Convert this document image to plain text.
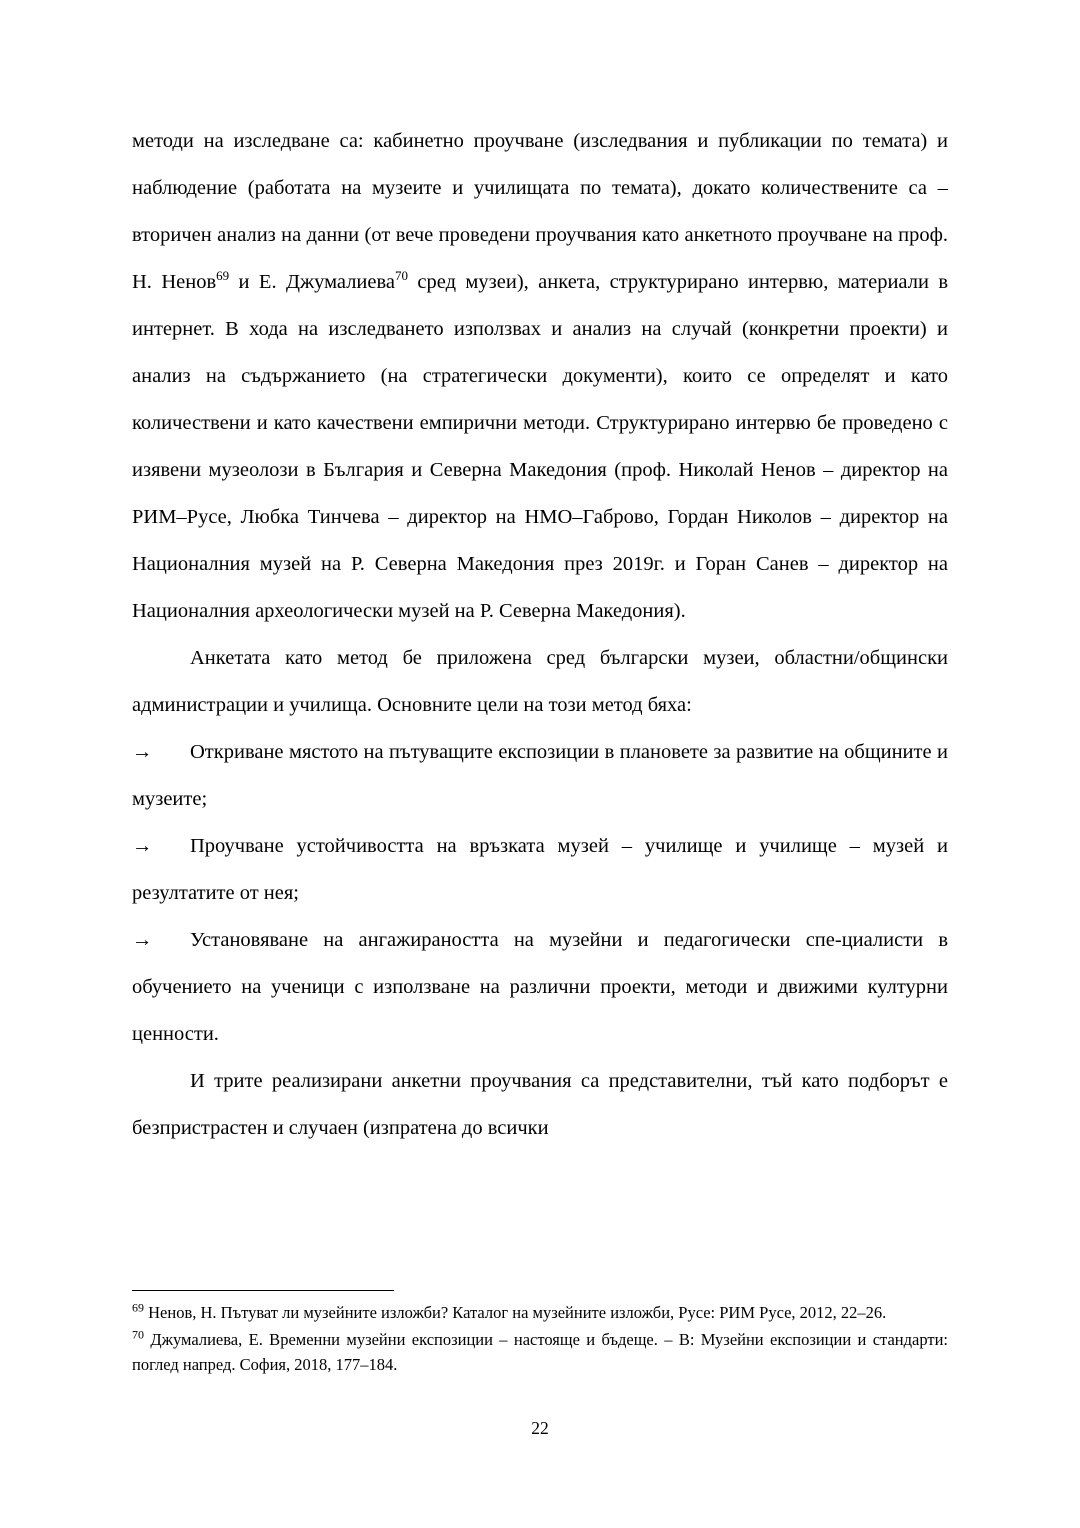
методи на изследване са: кабинетно проучване (изследвания и публикации по темата) и наблюдение (работата на музеите и училищата по темата), докато количествените са – вторичен анализ на данни (от вече проведени проучвания като анкетното проучване на проф. Н. Ненов$^{69}$ и Е. Джумалиева$^{70}$ сред музеи), анкета, структурирано интервю, материали в интернет. В хода на изследването използвах и анализ на случай (конкретни проекти) и анализ на съдържанието (на стратегически документи), които се определят и като количествени и като качествени емпирични методи. Структурирано интервю бе проведено с изявени музеолози в България и Северна Македония (проф. Николай Ненов – директор на РИМ–Русе, Любка Тинчева – директор на НМО–Габрово, Гордан Николов – директор на Националния музей на Р. Северна Македония през 2019г. и Горан Санев – директор на Националния археологически музей на Р. Северна Македония).

Анкетата като метод бе приложена сред български музеи, областни/общински администрации и училища. Основните цели на този метод бяха:

→ Откриване мястото на пътуващите експозиции в плановете за развитие на общините и музеите;

→ Проучване устойчивостта на връзката музей – училище и училище – музей и резултатите от нея;

→ Установяване на ангажираността на музейни и педагогически спе-циалисти в обучението на ученици с използване на различни проекти, методи и движими културни ценности.

И трите реализирани анкетни проучвания са представителни, тъй като подборът е безпристрастен и случаен (изпратена до всички

$^{69}$ Ненов, Н. Пътуват ли музейните изложби? Каталог на музейните изложби, Русе: РИМ Русе, 2012, 22–26.

$^{70}$ Джумалиева, Е. Временни музейни експозиции – настояще и бъдеще. – В: Музейни експозиции и стандарти: поглед напред. София, 2018, 177–184.

22
